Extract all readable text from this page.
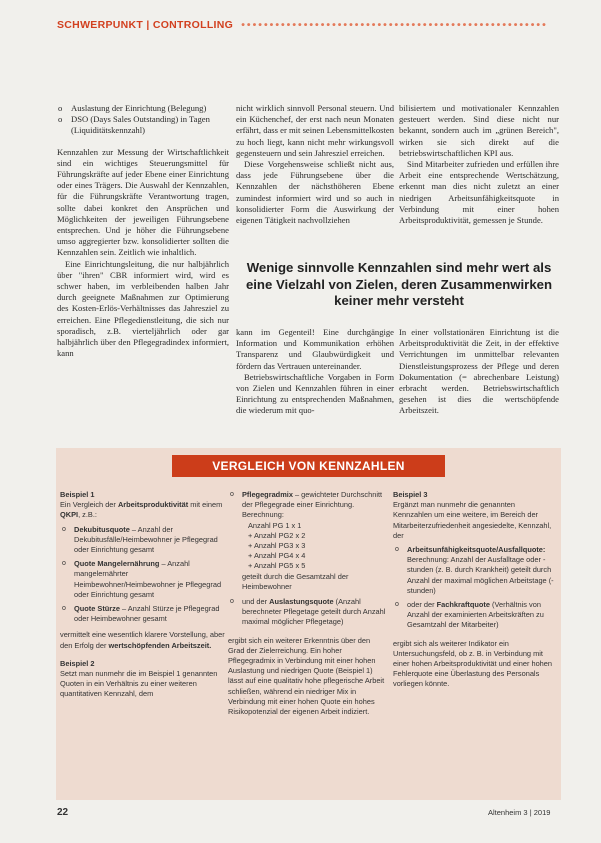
SCHWERPUNKT | CONTROLLING  ••••••••••••••••••••••••••••••••••••••••••••••••••••••
o Auslastung der Einrichtung (Belegung)
o DSO (Days Sales Outstanding) in Tagen (Liquiditätskennzahl)

Kennzahlen zur Messung der Wirtschaftlichkeit sind ein wichtiges Steuerungsmittel für Führungskräfte auf jeder Ebene einer Einrichtung oder eines Trägers. Die Auswahl der Kennzahlen, für die Führungskräfte Verantwortung tragen, sollte dabei konkret den Ansprüchen und Möglichkeiten der jeweiligen Führungsebene entsprechen. Und je höher die Führungsebene umso aggregierter bzw. konsolidierter sollten die Kennzahlen sein. Zeitlich wie inhaltlich.

Eine Einrichtungsleitung, die nur halbjährlich über "ihren" CBR informiert wird, wird es schwer haben, im verbleibenden halben Jahr durch geeignete Maßnahmen zur Optimierung des Kosten-Erlös-Verhältnisses das Jahresziel zu erreichen. Eine Pflegedienstleitung, die sich nur sporadisch, z.B. vierteljährlich oder gar halbjährlich über den Pflegegradindex informiert, kann

nicht wirklich sinnvoll Personal steuern. Und ein Küchenchef, der erst nach neun Monaten erfährt, dass er mit seinen Lebensmittelkosten zu hoch liegt, kann nicht mehr wirkungsvoll gegensteuern und sein Jahresziel erreichen.

Diese Vorgehensweise schließt nicht aus, dass jede Führungsebene über die Kennzahlen der nächsthöheren Ebene zumindest informiert wird und so auch in konsolidierter Form die Auswirkung der eigenen Tätigkeit nachvollziehen

bilisiertem und motivationaler Kennzahlen gesteuert werden. Sind diese nicht nur bekannt, sondern auch im „grünen Bereich", wirken sie sich direkt auf die betriebswirtschaftlichen KPI aus.

Sind Mitarbeiter zufrieden und erfüllen ihre Arbeit eine entsprechende Wertschätzung, erkennt man dies nicht zuletzt an einer niedrigen Arbeitsunfähigkeitsquote in Verbindung mit einer hohen Arbeitsproduktivität, gemessen je Stunde.

Wenige sinnvolle Kennzahlen sind mehr wert als eine Vielzahl von Zielen, deren Zusammenwirken keiner mehr versteht

kann im Gegenteil! Eine durchgängige Information und Kommunikation erhöhen Transparenz und Glaubwürdigkeit und fördern das Vertrauen untereinander.

Betriebswirtschaftliche Vorgaben in Form von Zielen und Kennzahlen führen in einer Einrichtung zu entsprechenden Maßnahmen, die wiederum mit quo-

In einer vollstationären Einrichtung ist die Arbeitsproduktivität die Zeit, in der effektive Verrichtungen im unmittelbar relevanten Dienstleistungsprozess der Pflege und deren Dokumentation (= abrechenbare Leistung) erbracht werden. Betriebswirtschaftlich gesehen ist dies die wertschöpfende Arbeitszeit.

VERGLEICH VON KENNZAHLEN

Beispiel 1

Ein Vergleich der Arbeitsproduktivität mit einem QKPI, z.B.:

o Dekubitusquote – Anzahl der Dekubitusfälle/Heimbewohner je Pflegegrad oder Einrichtung gesamt
o Quote Mangelernährung – Anzahl mangelernährter Heimbewohner/Heimbewohner je Pflegegrad oder Einrichtung gesamt
o Quote Stürze – Anzahl Stürze je Pflegegrad oder Heimbewohner gesamt

vermittelt eine wesentlich klarere Vorstellung, aber den Erfolg der wertschöpfenden Arbeitszeit.

Beispiel 2

Setzt man nunmehr die im Beispiel 1 genannten Quoten in ein Verhältnis zu einer weiteren quantitativen Kennzahl, dem

o Pflegegradmix – gewichteter Durchschnitt der Pflegegrade einer Einrichtung. Berechnung:
Anzahl PG 1 x 1
+ Anzahl PG2 x 2
+ Anzahl PG3 x 3
+ Anzahl PG4 x 4
+ Anzahl PG5 x 5
geteilt durch die Gesamtzahl der Heimbewohner
o und der Auslastungsquote (Anzahl berechneter Pflegetage geteilt durch Anzahl maximal möglicher Pflegetage)

ergibt sich ein weiterer Erkenntnis über den Grad der Zielerreichung. Ein hoher Pflegegradmix in Verbindung mit einer hohen Auslastung und niedrigen Quote (Beispiel 1) lässt auf eine qualitativ hohe pflegerische Arbeit schließen, während ein niedriger Mix in Verbindung mit einer hohen Quote ein hohes Risikopotenzial der eigenen Arbeit indiziert.

Beispiel 3

Ergänzt man nunmehr die genannten Kennzahlen um eine weitere, im Bereich der Mitarbeiterzufriedenheit angesiedelte, Kennzahl, der

o Arbeitsunfähigkeitsquote/Ausfallquote: Berechnung: Anzahl der Ausfalltage oder -stunden (z. B. durch Krankheit) geteilt durch Anzahl der maximal möglichen Arbeitstage (-stunden)
o oder der Fachkraftquote (Verhältnis von Anzahl der examinierten Arbeitskräften zu Gesamtzahl der Mitarbeiter)

ergibt sich als weiterer Indikator ein Untersuchungsfeld, ob z. B. in Verbindung mit einer hohen Arbeitsproduktivität und einer hohen Fehlerquote eine Überlastung des Personals vorliegen könnte.

22	Altenheim 3 | 2019
